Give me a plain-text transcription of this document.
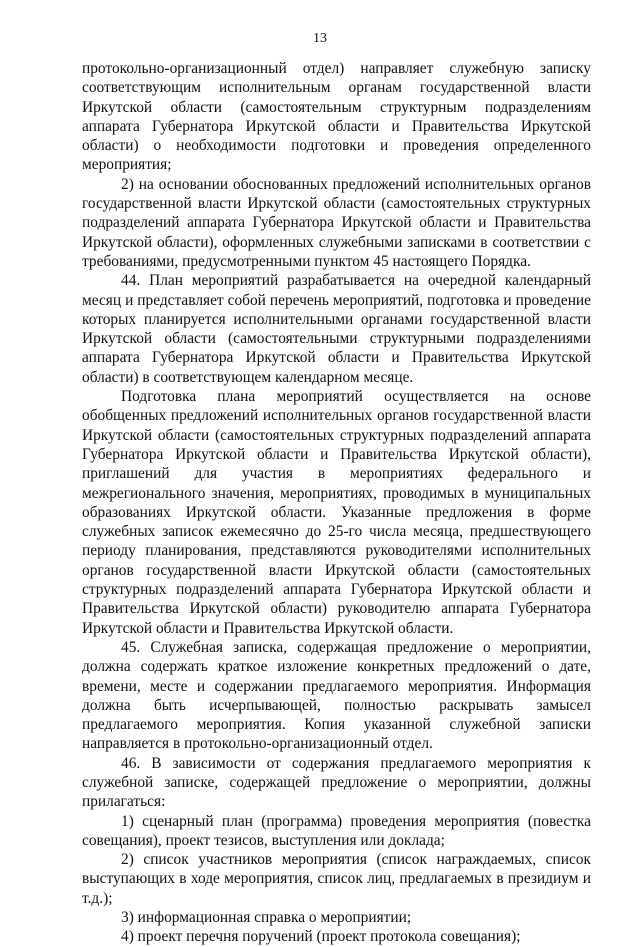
13

протокольно-организационный отдел) направляет служебную записку соответствующим исполнительным органам государственной власти Иркутской области (самостоятельным структурным подразделениям аппарата Губернатора Иркутской области и Правительства Иркутской области) о необходимости подготовки и проведения определенного мероприятия;

2) на основании обоснованных предложений исполнительных органов государственной власти Иркутской области (самостоятельных структурных подразделений аппарата Губернатора Иркутской области и Правительства Иркутской области), оформленных служебными записками в соответствии с требованиями, предусмотренными пунктом 45 настоящего Порядка.

44. План мероприятий разрабатывается на очередной календарный месяц и представляет собой перечень мероприятий, подготовка и проведение которых планируется исполнительными органами государственной власти Иркутской области (самостоятельными структурными подразделениями аппарата Губернатора Иркутской области и Правительства Иркутской области) в соответствующем календарном месяце.

Подготовка плана мероприятий осуществляется на основе обобщенных предложений исполнительных органов государственной власти Иркутской области (самостоятельных структурных подразделений аппарата Губернатора Иркутской области и Правительства Иркутской области), приглашений для участия в мероприятиях федерального и межрегионального значения, мероприятиях, проводимых в муниципальных образованиях Иркутской области. Указанные предложения в форме служебных записок ежемесячно до 25-го числа месяца, предшествующего периоду планирования, представляются руководителями исполнительных органов государственной власти Иркутской области (самостоятельных структурных подразделений аппарата Губернатора Иркутской области и Правительства Иркутской области) руководителю аппарата Губернатора Иркутской области и Правительства Иркутской области.

45. Служебная записка, содержащая предложение о мероприятии, должна содержать краткое изложение конкретных предложений о дате, времени, месте и содержании предлагаемого мероприятия. Информация должна быть исчерпывающей, полностью раскрывать замысел предлагаемого мероприятия. Копия указанной служебной записки направляется в протокольно-организационный отдел.

46. В зависимости от содержания предлагаемого мероприятия к служебной записке, содержащей предложение о мероприятии, должны прилагаться:

1) сценарный план (программа) проведения мероприятия (повестка совещания), проект тезисов, выступления или доклада;

2) список участников мероприятия (список награждаемых, список выступающих в ходе мероприятия, список лиц, предлагаемых в президиум и т.д.);

3) информационная справка о мероприятии;

4) проект перечня поручений (проект протокола совещания);
